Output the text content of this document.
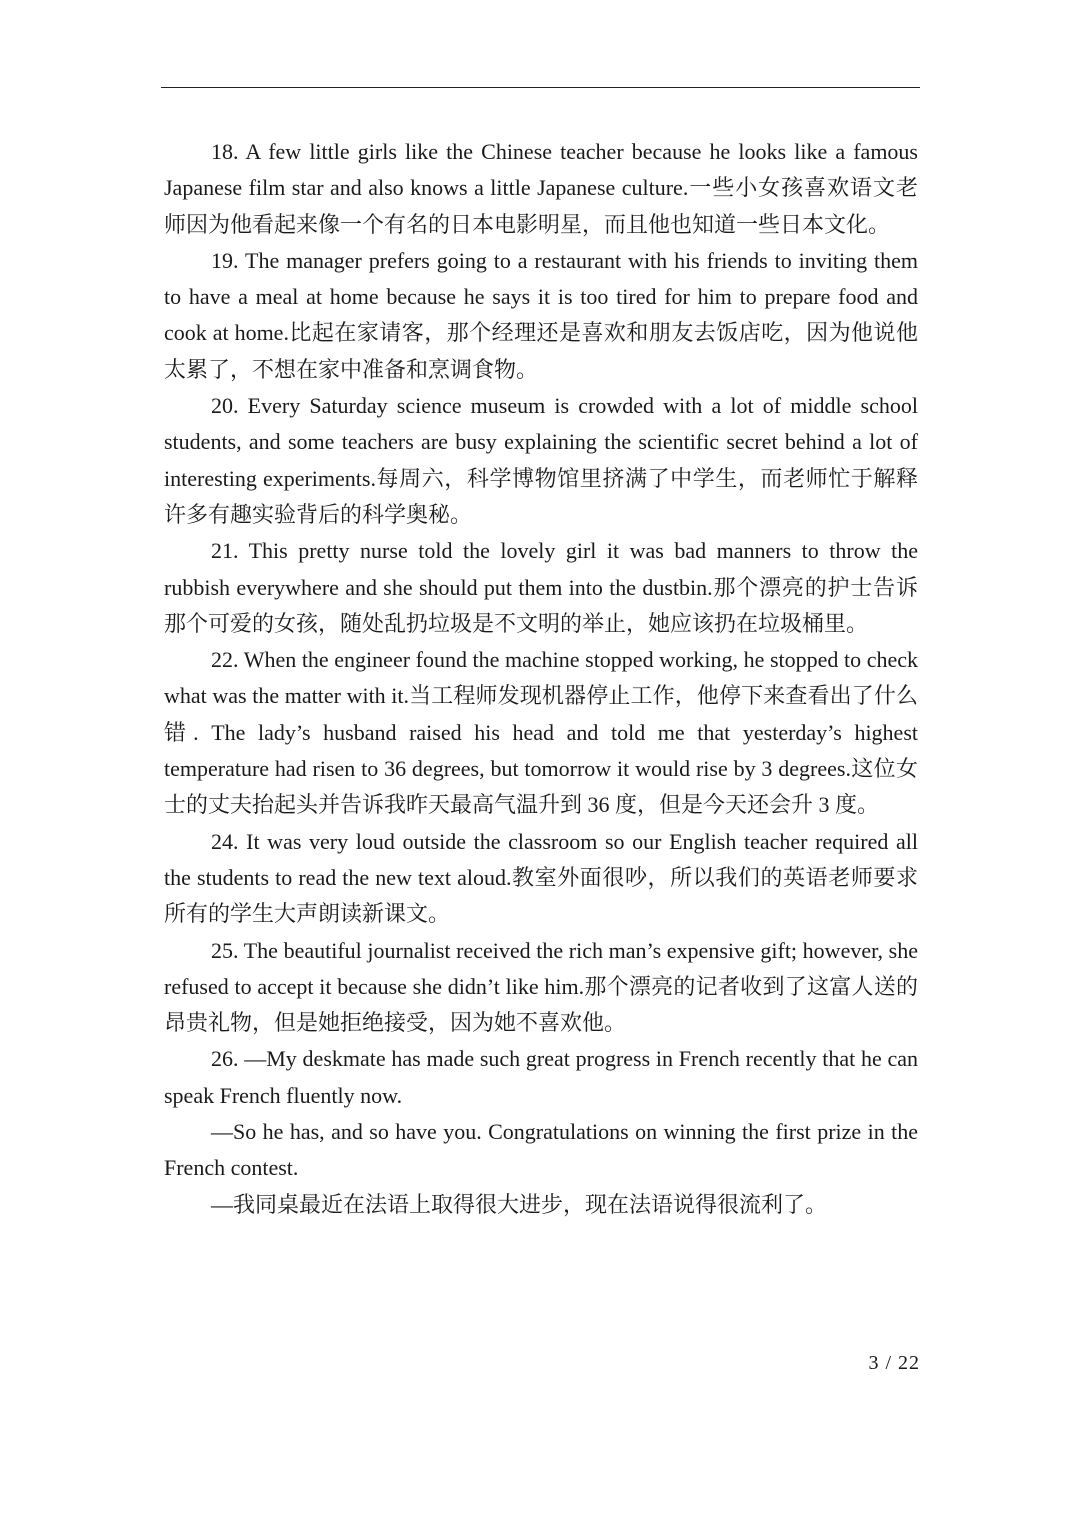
18. A few little girls like the Chinese teacher because he looks like a famous Japanese film star and also knows a little Japanese culture.一些小女孩喜欢语文老师因为他看起来像一个有名的日本电影明星，而且他也知道一些日本文化。

19. The manager prefers going to a restaurant with his friends to inviting them to have a meal at home because he says it is too tired for him to prepare food and cook at home.比起在家请客，那个经理还是喜欢和朋友去饭店吃，因为他说他太累了，不想在家中准备和烹调食物。

20. Every Saturday science museum is crowded with a lot of middle school students, and some teachers are busy explaining the scientific secret behind a lot of interesting experiments.每周六，科学博物馆里挤满了中学生，而老师忙于解释许多有趣实验背后的科学奥秘。

21. This pretty nurse told the lovely girl it was bad manners to throw the rubbish everywhere and she should put them into the dustbin.那个漂亮的护士告诉那个可爱的女孩，随处乱扔垃圾是不文明的举止，她应该扔在垃圾桶里。

22. When the engineer found the machine stopped working, he stopped to check what was the matter with it.当工程师发现机器停止工作，他停下来查看出了什么错. The lady’s husband raised his head and told me that yesterday’s highest temperature had risen to 36 degrees, but tomorrow it would rise by 3 degrees.这位女士的丈夫抬起头并告诉我昨天最高气温升到 36 度，但是今天还会升 3 度。

24. It was very loud outside the classroom so our English teacher required all the students to read the new text aloud.教室外面很吵，所以我们的英语老师要求所有的学生大声朗读新课文。

25. The beautiful journalist received the rich man’s expensive gift; however, she refused to accept it because she didn’t like him.那个漂亮的记者收到了这富人送的昂贵礼物，但是她拒绝接受，因为她不喜欢他。

26. —My deskmate has made such great progress in French recently that he can speak French fluently now.

—So he has, and so have you. Congratulations on winning the first prize in the French contest.

—我同桌最近在法语上取得很大进步，现在法语说得很流利了。

3 / 22
